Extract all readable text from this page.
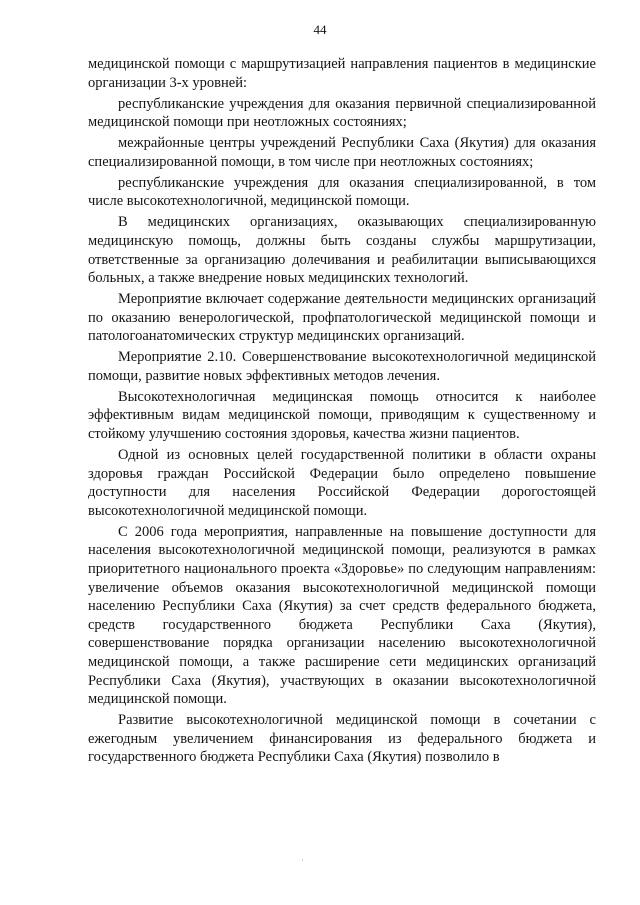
44

медицинской помощи с маршрутизацией направления пациентов в медицинские организации 3-х уровней:

республиканские учреждения для оказания первичной специализированной медицинской помощи при неотложных состояниях;

межрайонные центры учреждений Республики Саха (Якутия) для оказания специализированной помощи, в том числе при неотложных состояниях;

республиканские учреждения для оказания специализированной, в том числе высокотехнологичной, медицинской помощи.

В медицинских организациях, оказывающих специализированную медицинскую помощь, должны быть созданы службы маршрутизации, ответственные за организацию долечивания и реабилитации выписывающихся больных, а также внедрение новых медицинских технологий.

Мероприятие включает содержание деятельности медицинских организаций по оказанию венерологической, профпатологической медицинской помощи и патологоанатомических структур медицинских организаций.

Мероприятие 2.10. Совершенствование высокотехнологичной медицинской помощи, развитие новых эффективных методов лечения.

Высокотехнологичная медицинская помощь относится к наиболее эффективным видам медицинской помощи, приводящим к существенному и стойкому улучшению состояния здоровья, качества жизни пациентов.

Одной из основных целей государственной политики в области охраны здоровья граждан Российской Федерации было определено повышение доступности для населения Российской Федерации дорогостоящей высокотехнологичной медицинской помощи.

С 2006 года мероприятия, направленные на повышение доступности для населения высокотехнологичной медицинской помощи, реализуются в рамках приоритетного национального проекта «Здоровье» по следующим направлениям: увеличение объемов оказания высокотехнологичной медицинской помощи населению Республики Саха (Якутия) за счет средств федерального бюджета, средств государственного бюджета Республики Саха (Якутия), совершенствование порядка организации населению высокотехнологичной медицинской помощи, а также расширение сети медицинских организаций Республики Саха (Якутия), участвующих в оказании высокотехнологичной медицинской помощи.

Развитие высокотехнологичной медицинской помощи в сочетании с ежегодным увеличением финансирования из федерального бюджета и государственного бюджета Республики Саха (Якутия) позволило в

·
